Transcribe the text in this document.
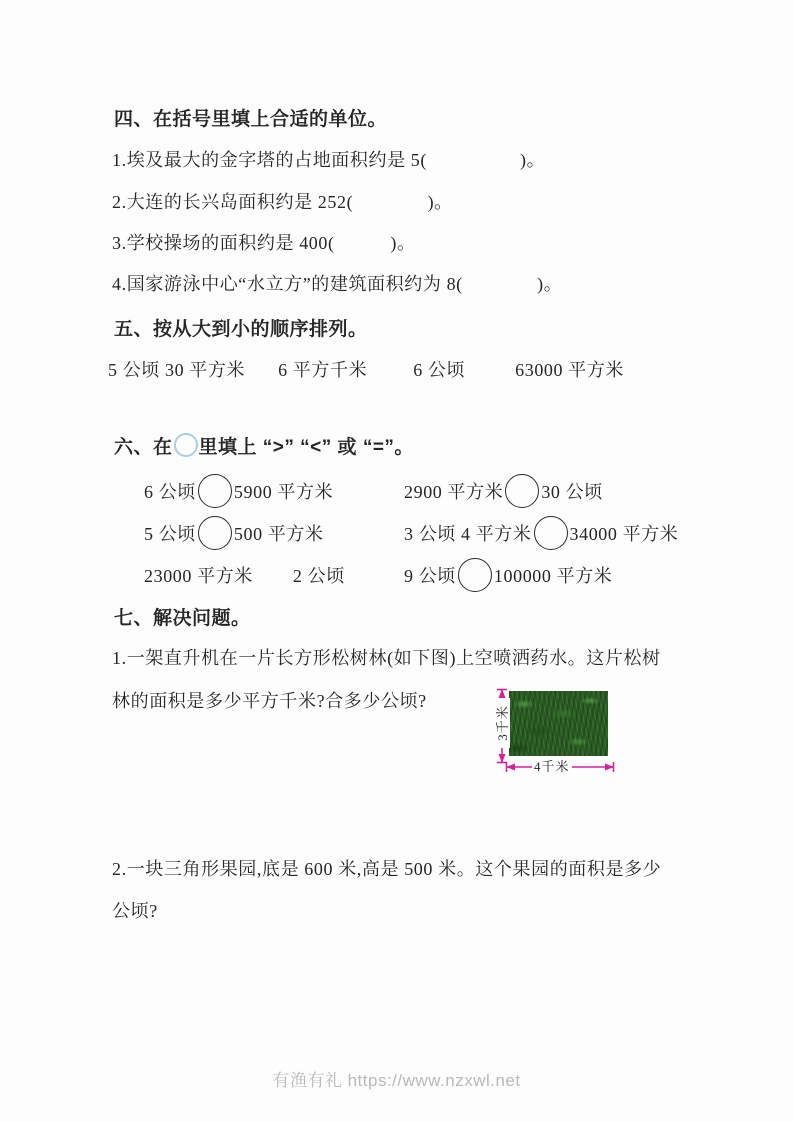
四、在括号里填上合适的单位。

1.埃及最大的金字塔的占地面积约是 5(　　　　　)。

2.大连的长兴岛面积约是 252(　　　　)。

3.学校操场的面积约是 400(　　　)。

4.国家游泳中心“水立方”的建筑面积约为 8(　　　　)。

五、按从大到小的顺序排列。
5 公顷 30 平方米 6 平方千米	6 公顷	63000 平方米
六、在 里填上 “>” “<” 或 “=”。
6 公顷 5900 平方米	2900 平方米 30 公顷
5 公顷 500 平方米	3 公顷 4 平方米 34000 平方米
23000 平方米 2 公顷	9 公顷 100000 平方米
七、解决问题。

1.一架直升机在一片长方形松树林(如下图)上空喷洒药水。这片松树

林的面积是多少平方千米?合多少公顷?

3千米
4千米

2.一块三角形果园,底是 600 米,高是 500 米。这个果园的面积是多少

公顷?

有渔有礼 https://www.nzxwl.net
